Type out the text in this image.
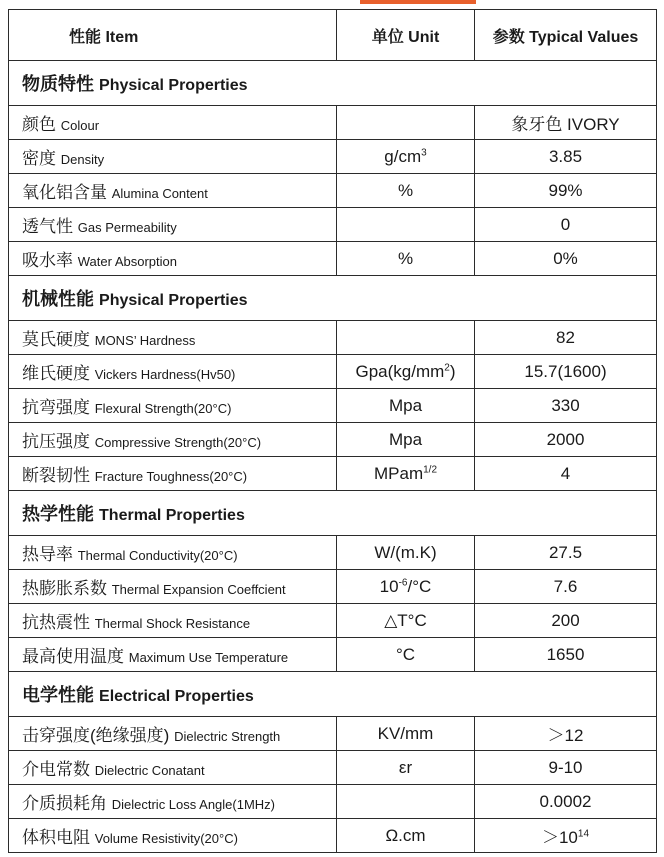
性能 Item	单位 Unit	参数 Typical Values
物质特性 Physical Properties		
颜色 Colour		象牙色 IVORY
密度 Density	$g/cm^3$	3.85
氧化铝含量 Alumina Content	%	99%
透气性 Gas Permeability		0
吸水率 Water Absorption	%	0%
机械性能 Physical Properties		
莫氏硬度 MONS’ Hardness		82
维氏硬度 Vickers Hardness(Hv50)	$Gpa(kg/mm^2)$	15.7(1600)
抗弯强度 Flexural Strength(20°C)	Mpa	330
抗压强度 Compressive Strength(20°C)	Mpa	2000
断裂韧性 Fracture Toughness(20°C)	MPam$^{1/2}$	4
热学性能 Thermal Properties		
热导率 Thermal Conductivity(20°C)	W/(m.K)	27.5
热膨胀系数 Thermal Expansion Coeffcient	$10^{-6}/^\circ C$	7.6
抗热震性 Thermal Shock Resistance	△T°C	200
最高使用温度 Maximum Use Temperature	°C	1650
电学性能 Electrical Properties		
击穿强度(绝缘强度) Dielectric Strength	KV/mm	＞12
介电常数 Dielectric Conatant	εr	9-10
介质损耗角 Dielectric Loss Angle(1MHz)		0.0002
体积电阻 Volume Resistivity(20°C)	Ω.cm	$>10^{14}$
